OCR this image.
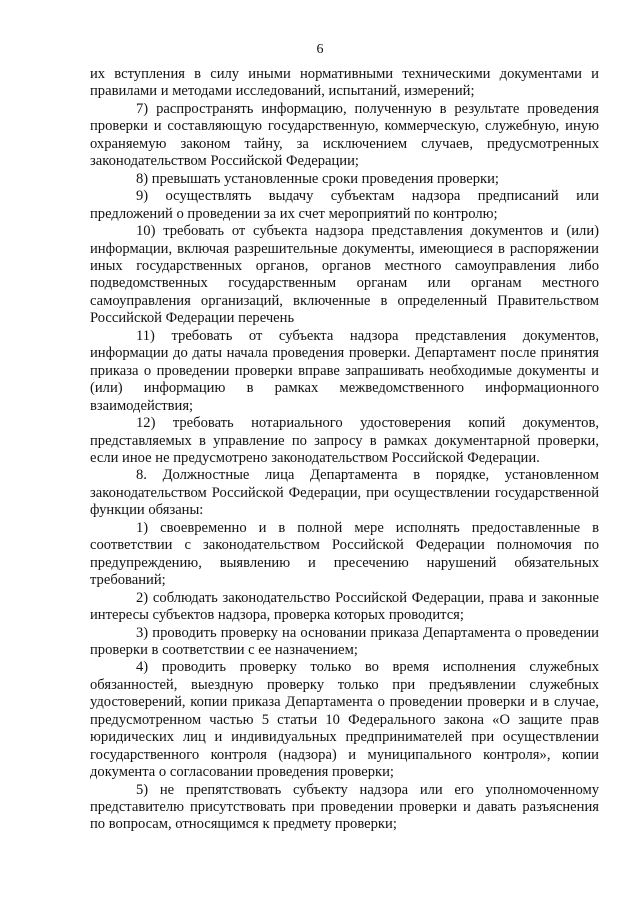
6

их вступления в силу иными нормативными техническими документами и правилами и методами исследований, испытаний, измерений;

7) распространять информацию, полученную в результате проведения проверки и составляющую государственную, коммерческую, служебную, иную охраняемую законом тайну, за исключением случаев, предусмотренных законодательством Российской Федерации;

8) превышать установленные сроки проведения проверки;

9) осуществлять выдачу субъектам надзора предписаний или предложений о проведении за их счет мероприятий по контролю;

10) требовать от субъекта надзора представления документов и (или) информации, включая разрешительные документы, имеющиеся в распоряжении иных государственных органов, органов местного самоуправления либо подведомственных государственным органам или органам местного самоуправления организаций, включенные в определенный Правительством Российской Федерации перечень

11) требовать от субъекта надзора представления документов, информации до даты начала проведения проверки. Департамент после принятия приказа о проведении проверки вправе запрашивать необходимые документы и (или) информацию в рамках межведомственного информационного взаимодействия;

12) требовать нотариального удостоверения копий документов, представляемых в управление по запросу в рамках документарной проверки, если иное не предусмотрено законодательством Российской Федерации.

8. Должностные лица Департамента в порядке, установленном законодательством Российской Федерации, при осуществлении государственной функции обязаны:

1) своевременно и в полной мере исполнять предоставленные в соответствии с законодательством Российской Федерации полномочия по предупреждению, выявлению и пресечению нарушений обязательных требований;

2) соблюдать законодательство Российской Федерации, права и законные интересы субъектов надзора, проверка которых проводится;

3) проводить проверку на основании приказа Департамента о проведении проверки в соответствии с ее назначением;

4) проводить проверку только во время исполнения служебных обязанностей, выездную проверку только при предъявлении служебных удостоверений, копии приказа Департамента о проведении проверки и в случае, предусмотренном частью 5 статьи 10 Федерального закона «О защите прав юридических лиц и индивидуальных предпринимателей при осуществлении государственного контроля (надзора) и муниципального контроля», копии документа о согласовании проведения проверки;

5) не препятствовать субъекту надзора или его уполномоченному представителю присутствовать при проведении проверки и давать разъяснения по вопросам, относящимся к предмету проверки;
